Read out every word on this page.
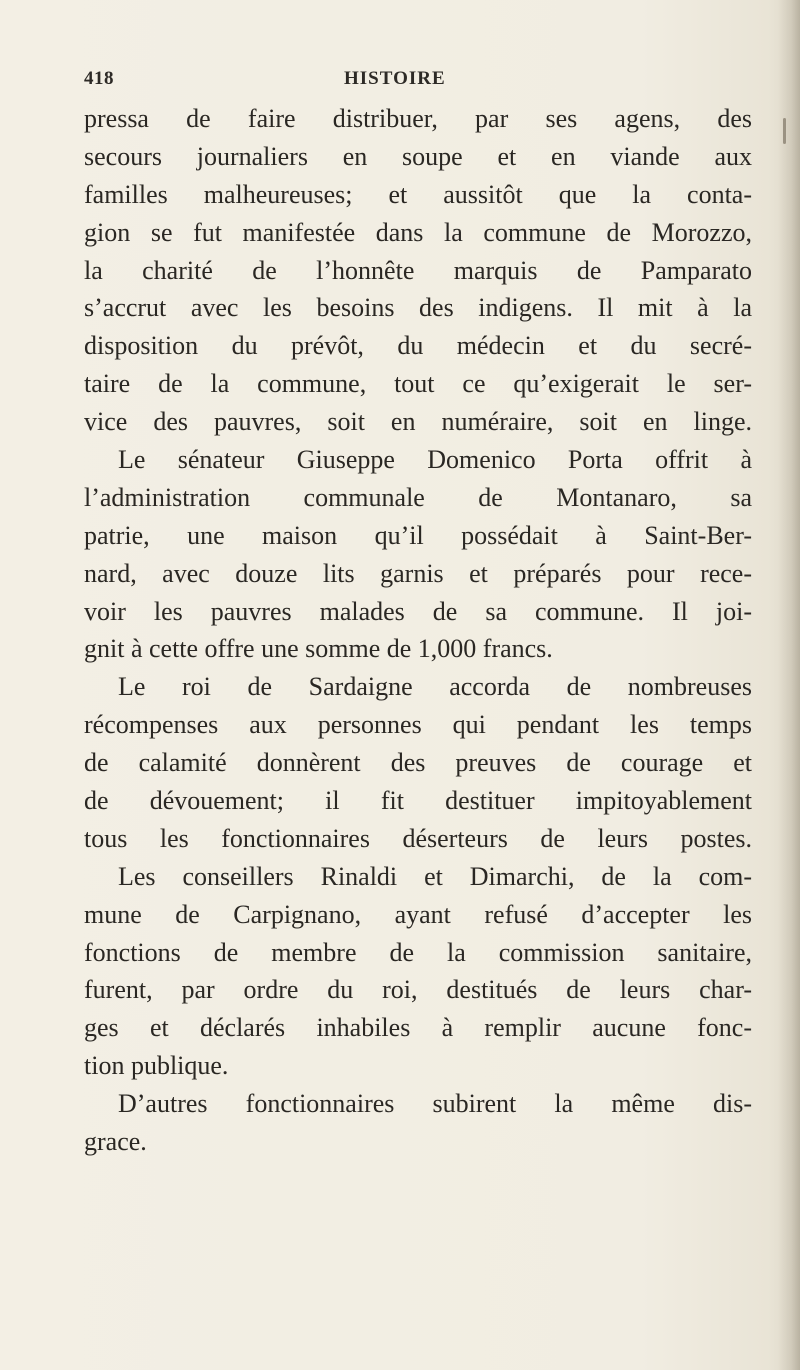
418	HISTOIRE
pressa de faire distribuer, par ses agens, des
secours journaliers en soupe et en viande aux
familles malheureuses; et aussitôt que la conta-
gion se fut manifestée dans la commune de Morozzo,
la charité de l’honnête marquis de Pamparato
s’accrut avec les besoins des indigens. Il mit à la
disposition du prévôt, du médecin et du secré-
taire de la commune, tout ce qu’exigerait le ser-
vice des pauvres, soit en numéraire, soit en linge.
Le sénateur Giuseppe Domenico Porta offrit à
l’administration communale de Montanaro, sa
patrie, une maison qu’il possédait à Saint-Ber-
nard, avec douze lits garnis et préparés pour rece-
voir les pauvres malades de sa commune. Il joi-
gnit à cette offre une somme de 1,000 francs.
Le roi de Sardaigne accorda de nombreuses
récompenses aux personnes qui pendant les temps
de calamité donnèrent des preuves de courage et
de dévouement; il fit destituer impitoyablement
tous les fonctionnaires déserteurs de leurs postes.
Les conseillers Rinaldi et Dimarchi, de la com-
mune de Carpignano, ayant refusé d’accepter les
fonctions de membre de la commission sanitaire,
furent, par ordre du roi, destitués de leurs char-
ges et déclarés inhabiles à remplir aucune fonc-
tion publique.
D’autres fonctionnaires subirent la même dis-
grace.
